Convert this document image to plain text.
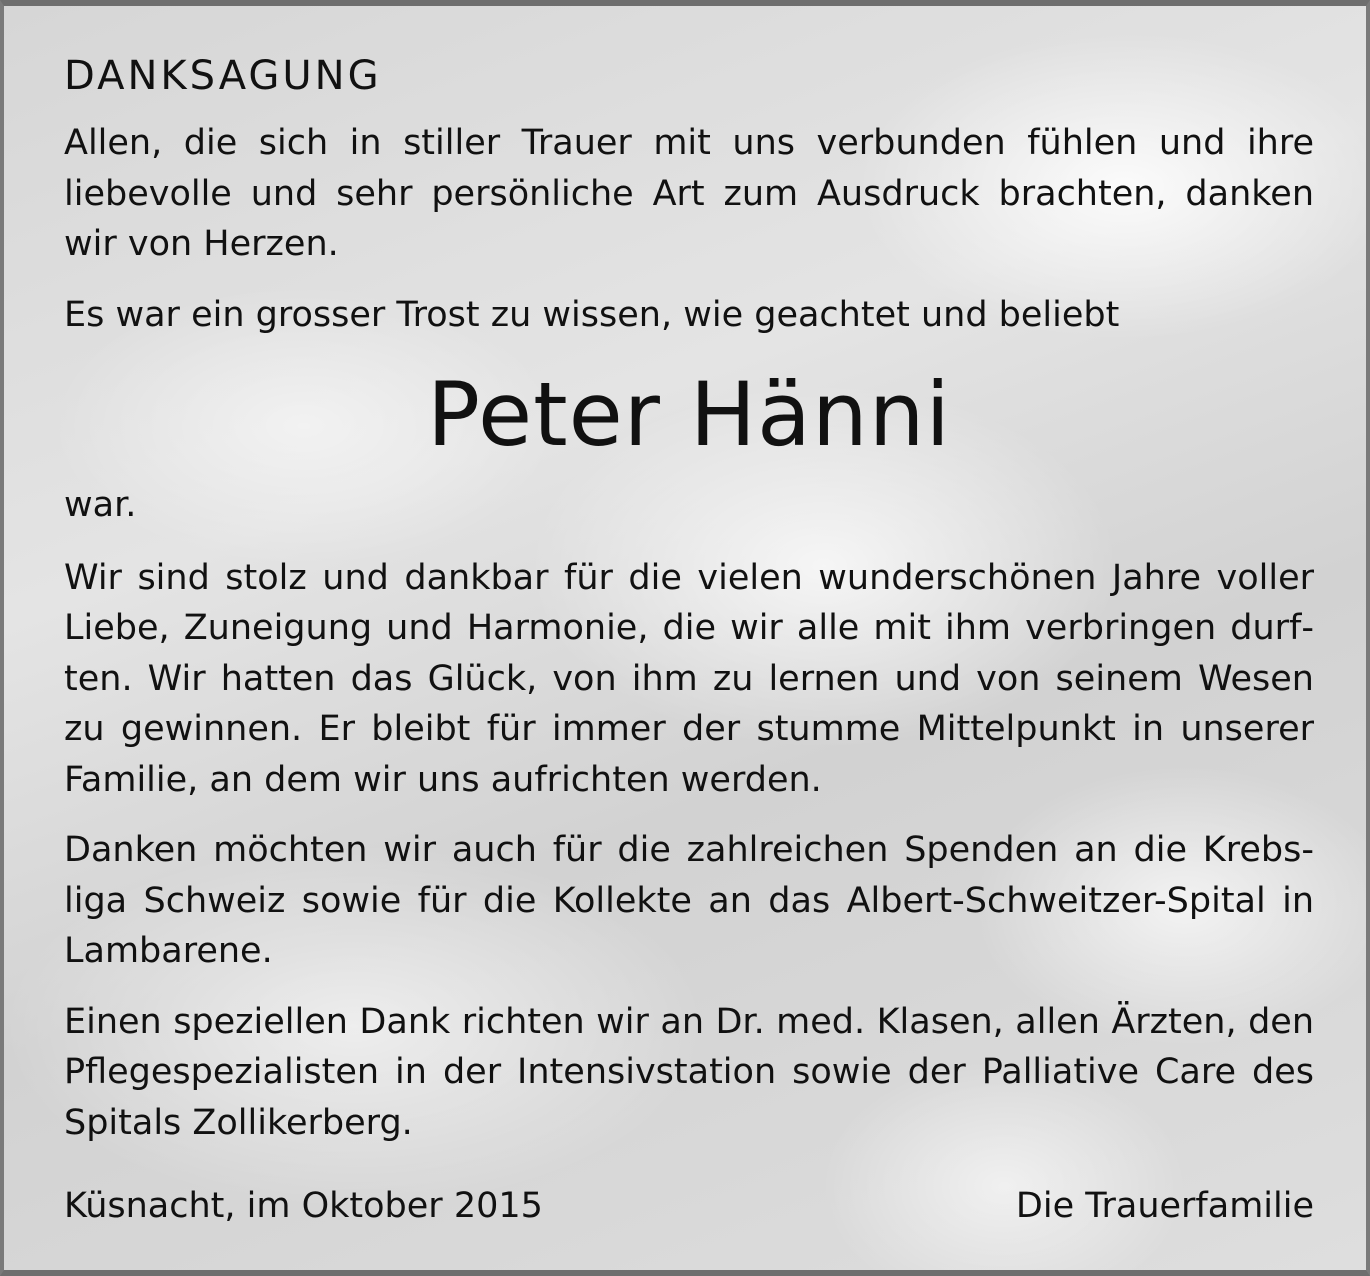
DANKSAGUNG

Allen, die sich in stiller Trauer mit uns verbunden fühlen und ihre liebevolle und sehr persönliche Art zum Ausdruck brachten, danken wir von Herzen.

Es war ein grosser Trost zu wissen, wie geachtet und beliebt

Peter Hänni

war.

Wir sind stolz und dankbar für die vielen wunderschönen Jahre voller Liebe, Zuneigung und Harmonie, die wir alle mit ihm verbringen durften. Wir hatten das Glück, von ihm zu lernen und von seinem Wesen zu gewinnen. Er bleibt für immer der stumme Mittelpunkt in unserer Familie, an dem wir uns aufrichten werden.

Danken möchten wir auch für die zahlreichen Spenden an die Krebsliga Schweiz sowie für die Kollekte an das Albert-Schweitzer-Spital in Lambarene.

Einen speziellen Dank richten wir an Dr. med. Klasen, allen Ärzten, den Pflegespezialisten in der Intensivstation sowie der Palliative Care des Spitals Zollikerberg.

Küsnacht, im Oktober 2015	Die Trauerfamilie
